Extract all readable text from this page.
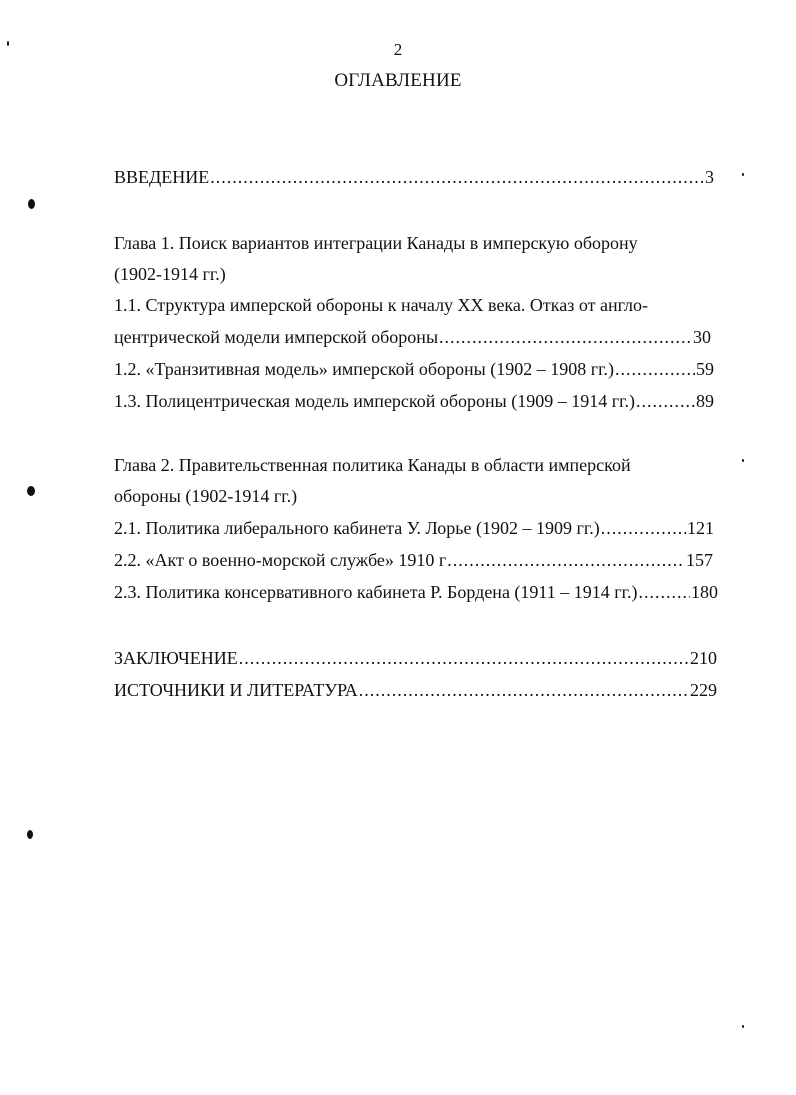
2
ОГЛАВЛЕНИЕ
ВВЕДЕНИЕ .....	3
Глава 1. Поиск вариантов интеграции Канады в имперскую оборону
(1902-1914 гг.)
1.1. Структура имперской обороны к началу XX века. Отказ от англо-
центрической модели имперской обороны .....	30
1.2. «Транзитивная модель» имперской обороны (1902 – 1908 гг.) .....	59
1.3. Полицентрическая модель имперской обороны (1909 – 1914 гг.) .....	89
Глава 2. Правительственная политика Канады в области имперской
обороны (1902-1914 гг.)
2.1. Политика либерального кабинета У. Лорье (1902 – 1909 гг.) .....	121
2.2. «Акт о военно-морской службе» 1910 г .....	157
2.3. Политика консервативного кабинета Р. Бордена (1911 – 1914 гг.) .....	180
ЗАКЛЮЧЕНИЕ .....	210
ИСТОЧНИКИ И ЛИТЕРАТУРА .....	229
